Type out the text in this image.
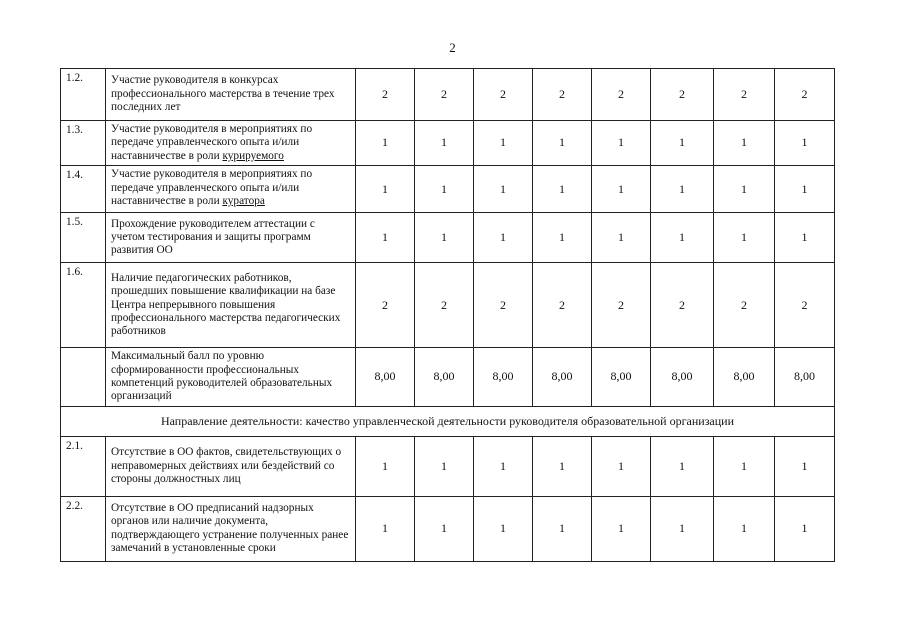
2
1.2.	Участие руководителя в конкурсах профессионального мастерства в течение трех последних лет	2	2	2	2	2	2	2	2
1.3.	Участие руководителя в мероприятиях по передаче управленческого опыта и/или наставничестве в роли курируемого	1	1	1	1	1	1	1	1
1.4.	Участие руководителя в мероприятиях по передаче управленческого опыта и/или наставничестве в роли куратора	1	1	1	1	1	1	1	1
1.5.	Прохождение руководителем аттестации с учетом тестирования и защиты программ развития ОО	1	1	1	1	1	1	1	1
1.6.	Наличие педагогических работников, прошедших повышение квалификации на базе Центра непрерывного повышения профессионального мастерства педагогических работников	2	2	2	2	2	2	2	2
	Максимальный балл по уровню сформированности профессиональных компетенций руководителей образовательных организаций	8,00	8,00	8,00	8,00	8,00	8,00	8,00	8,00
Направление деятельности: качество управленческой деятельности руководителя образовательной организации									
2.1.	Отсутствие в ОО фактов, свидетельствующих о неправомерных действиях или бездействий со стороны должностных лиц	1	1	1	1	1	1	1	1
2.2.	Отсутствие в ОО предписаний надзорных органов или наличие документа, подтверждающего устранение полученных ранее замечаний в установленные сроки	1	1	1	1	1	1	1	1
